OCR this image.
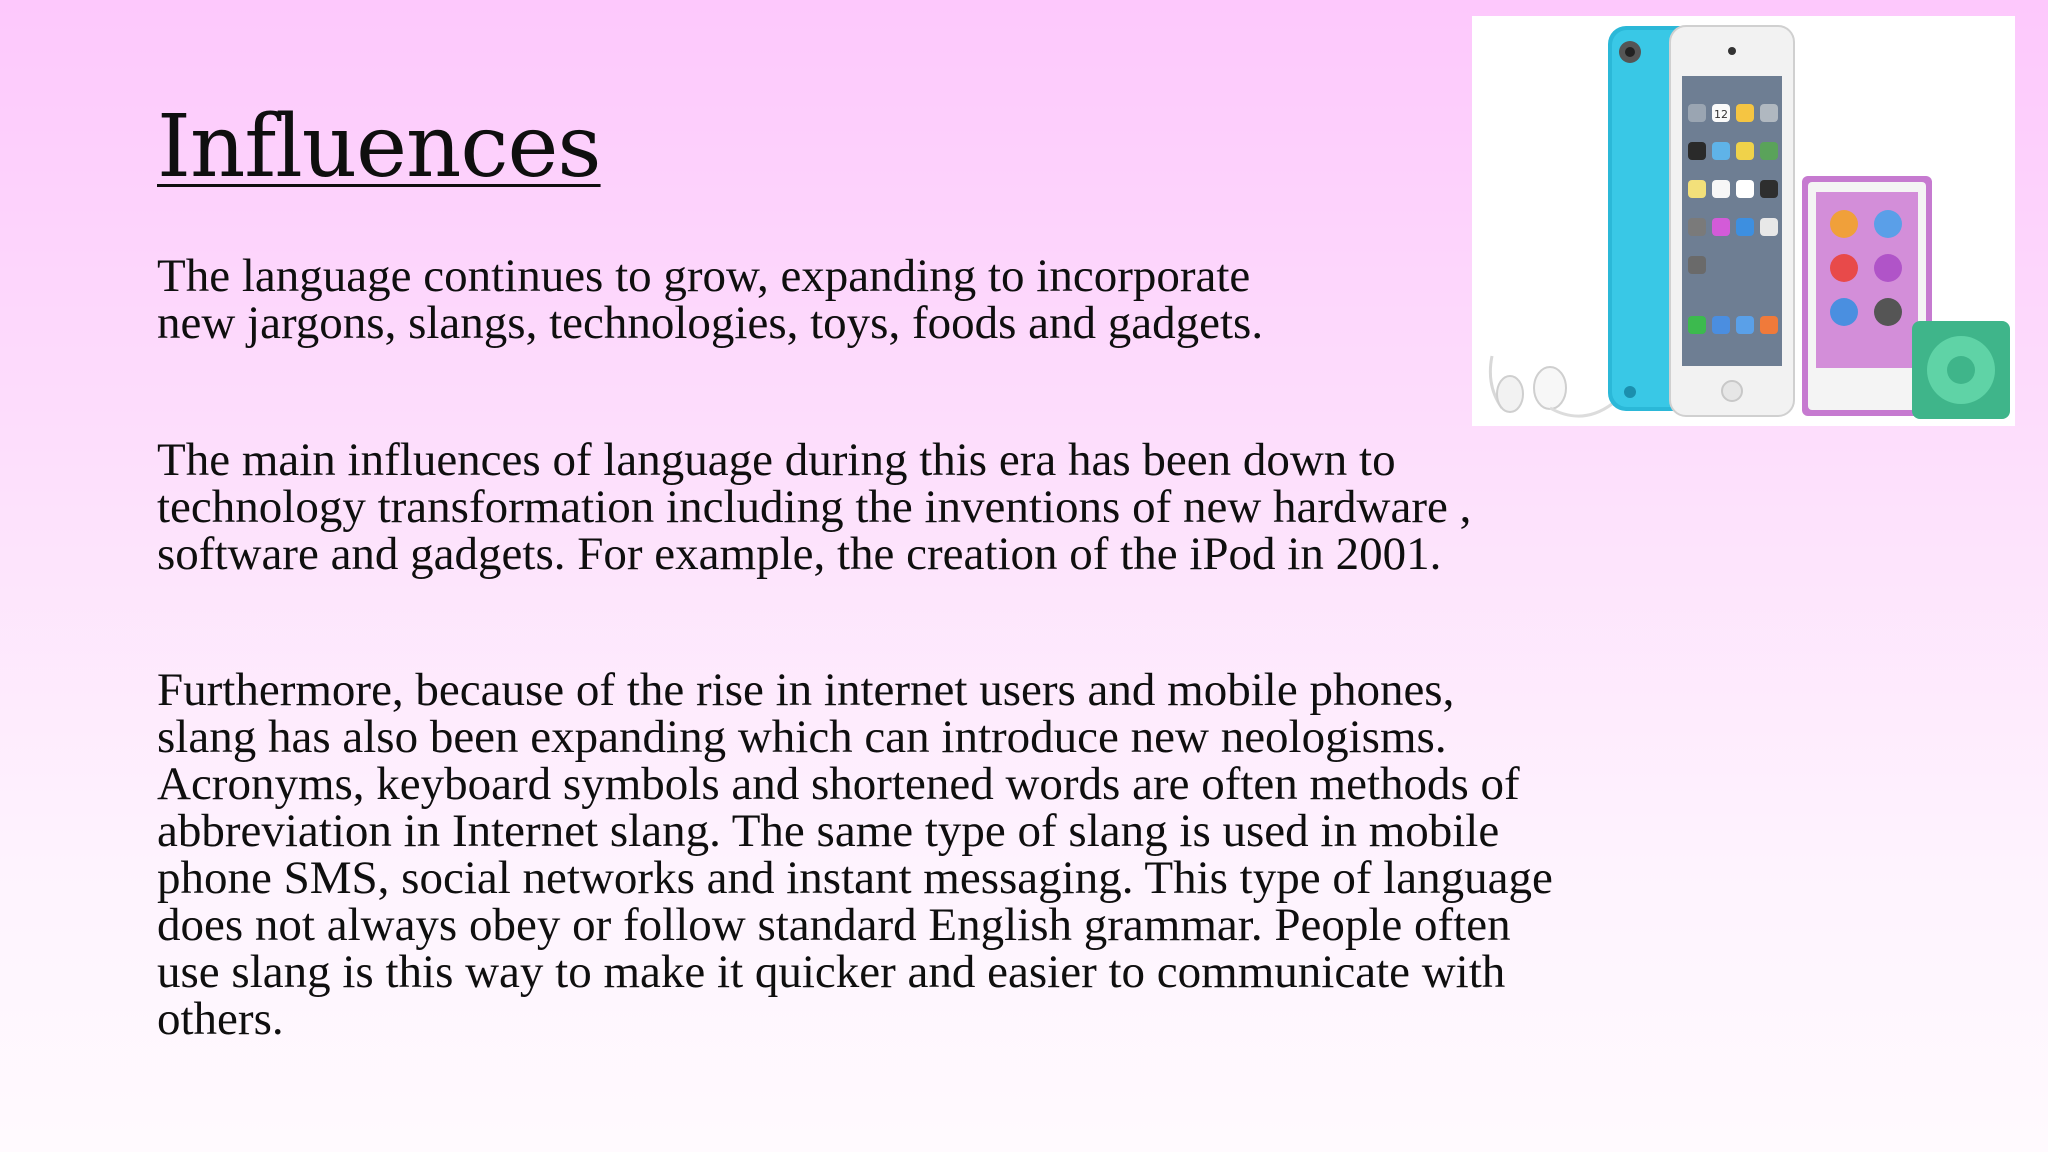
Influences

The language continues to grow, expanding to incorporate
new jargons, slangs, technologies, toys, foods and gadgets.

The main influences of language during this era has been down to
technology transformation including the inventions of new hardware ,
software and gadgets. For example, the creation of the iPod in 2001.

Furthermore, because of the rise in internet users and mobile phones,
slang has also been expanding which can introduce new neologisms.
Acronyms, keyboard symbols and shortened words are often methods of
abbreviation in Internet slang. The same type of slang is used in mobile
phone SMS, social networks and instant messaging. This type of language
does not always obey or follow standard English grammar. People often
use slang is this way to make it quicker and easier to communicate with
others.

12
